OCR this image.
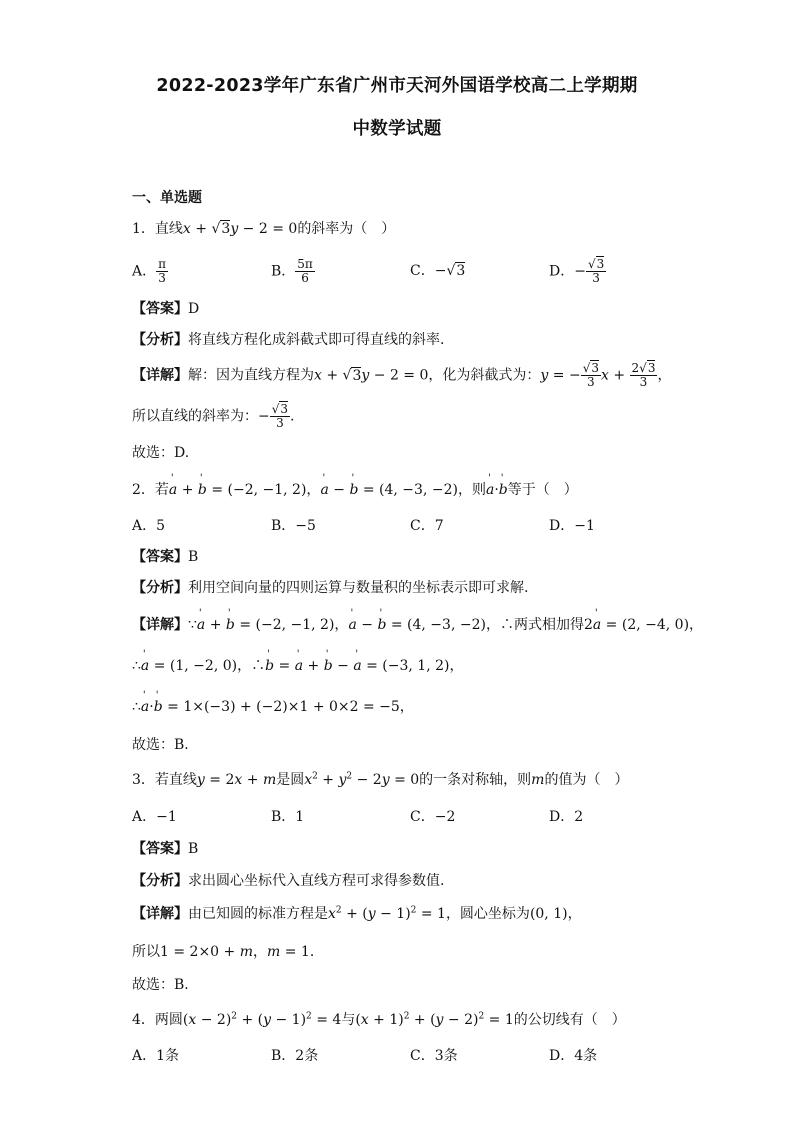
2022-2023学年广东省广州市天河外国语学校高二上学期期
中数学试题
一、单选题
1．直线x + √3y − 2 = 0的斜率为（　）
A． $\frac{\pi}{3}$	B． $\frac{5\pi}{6}$	C．−√3	D．− $\frac{√3}{3}$
【答案】D
【分析】将直线方程化成斜截式即可得直线的斜率.
【详解】解：因为直线方程为x + √3y − 2 = 0，化为斜截式为：y = − $\frac{√3}{3}$ $x + \frac{2√3}{3}$ ，
所以直线的斜率为：− $\frac{√3}{3}$ .
故选：D.
2．若' a + ' b = (−2, −1, 2)，' a − ' b = (4, −3, −2)，则' a·' b等于（　）
A．5	B．−5	C．7	D．−1
【答案】B
【分析】利用空间向量的四则运算与数量积的坐标表示即可求解.
【详解】∵' a + ' b = (−2, −1, 2)，' a − ' b = (4, −3, −2)，∴两式相加得2' a = (2, −4, 0)，
∴' a = (1, −2, 0)，∴' b = ' a + ' b − ' a = (−3, 1, 2)，
∴' a·' b = 1×(−3) + (−2)×1 + 0×2 = −5，
故选：B.
3．若直线y = 2x + m是圆$x^2 + y^2 - 2y = 0$的一条对称轴，则m的值为（　）
A．−1	B．1	C．−2	D．2
【答案】B
【分析】求出圆心坐标代入直线方程可求得参数值.
【详解】由已知圆的标准方程是$x^2 + (y - 1)^2 = 1$，圆心坐标为(0, 1)，
所以1 = 2×0 + m，m = 1．
故选：B.
4．两圆$(x - 2)^2 + (y - 1)^2 = 4$与$(x + 1)^2 + (y - 2)^2 = 1$的公切线有（　）
A．1条	B．2条	C．3条	D．4条
